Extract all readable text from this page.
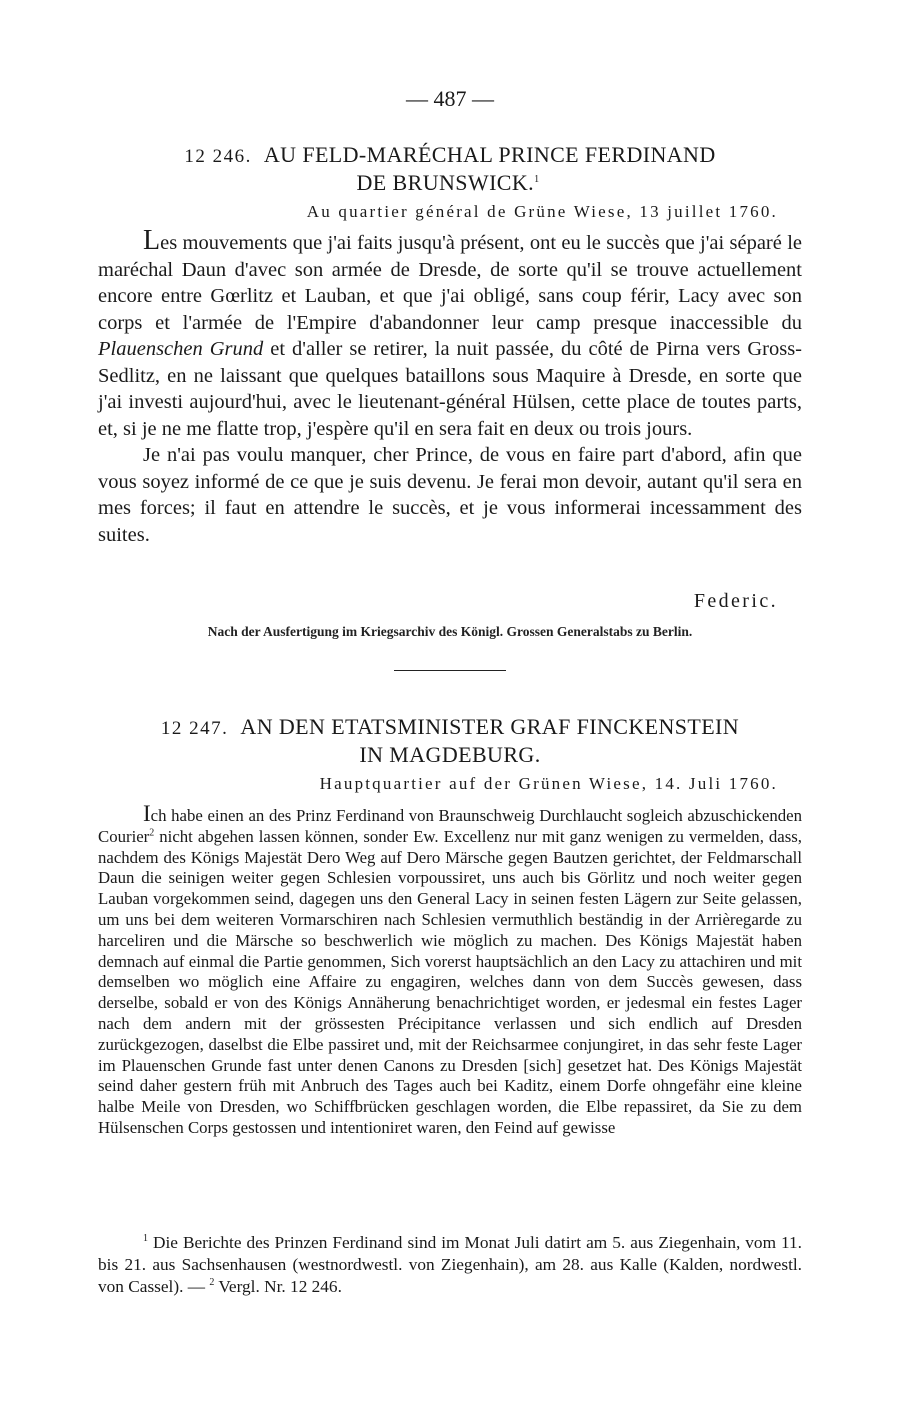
— 487 —
12 246. AU FELD-MARÉCHAL PRINCE FERDINAND
DE BRUNSWICK.$^1$
Au quartier général de Grüne Wiese, 13 juillet 1760.

Les mouvements que j'ai faits jusqu'à présent, ont eu le succès que j'ai séparé le maréchal Daun d'avec son armée de Dresde, de sorte qu'il se trouve actuellement encore entre Gœrlitz et Lauban, et que j'ai obligé, sans coup férir, Lacy avec son corps et l'armée de l'Empire d'abandonner leur camp presque inaccessible du Plauenschen Grund et d'aller se retirer, la nuit passée, du côté de Pirna vers Gross-Sedlitz, en ne laissant que quelques bataillons sous Maquire à Dresde, en sorte que j'ai investi aujourd'hui, avec le lieutenant-général Hülsen, cette place de toutes parts, et, si je ne me flatte trop, j'espère qu'il en sera fait en deux ou trois jours.

Je n'ai pas voulu manquer, cher Prince, de vous en faire part d'abord, afin que vous soyez informé de ce que je suis devenu. Je ferai mon devoir, autant qu'il sera en mes forces; il faut en attendre le succès, et je vous informerai incessamment des suites.

Federic.
Nach der Ausfertigung im Kriegsarchiv des Königl. Grossen Generalstabs zu Berlin.
12 247. AN DEN ETATSMINISTER GRAF FINCKENSTEIN
IN MAGDEBURG.
Hauptquartier auf der Grünen Wiese, 14. Juli 1760.

Ich habe einen an des Prinz Ferdinand von Braunschweig Durchlaucht sogleich abzuschickenden Courier$^2$ nicht abgehen lassen können, sonder Ew. Excellenz nur mit ganz wenigen zu vermelden, dass, nachdem des Königs Majestät Dero Weg auf Dero Märsche gegen Bautzen gerichtet, der Feldmarschall Daun die seinigen weiter gegen Schlesien vorpoussiret, uns auch bis Görlitz und noch weiter gegen Lauban vorgekommen seind, dagegen uns den General Lacy in seinen festen Lägern zur Seite gelassen, um uns bei dem weiteren Vormarschiren nach Schlesien vermuthlich beständig in der Arrièregarde zu harceliren und die Märsche so beschwerlich wie möglich zu machen. Des Königs Majestät haben demnach auf einmal die Partie genommen, Sich vorerst hauptsächlich an den Lacy zu attachiren und mit demselben wo möglich eine Affaire zu engagiren, welches dann von dem Succès gewesen, dass derselbe, sobald er von des Königs Annäherung benachrichtiget worden, er jedesmal ein festes Lager nach dem andern mit der grössesten Précipitance verlassen und sich endlich auf Dresden zurückgezogen, daselbst die Elbe passiret und, mit der Reichsarmee conjungiret, in das sehr feste Lager im Plauenschen Grunde fast unter denen Canons zu Dresden [sich] gesetzet hat. Des Königs Majestät seind daher gestern früh mit Anbruch des Tages auch bei Kaditz, einem Dorfe ohngefähr eine kleine halbe Meile von Dresden, wo Schiffbrücken geschlagen worden, die Elbe repassiret, da Sie zu dem Hülsenschen Corps gestossen und intentioniret waren, den Feind auf gewisse

$^1$ Die Berichte des Prinzen Ferdinand sind im Monat Juli datirt am 5. aus Ziegenhain, vom 11. bis 21. aus Sachsenhausen (westnordwestl. von Ziegenhain), am 28. aus Kalle (Kalden, nordwestl. von Cassel). — $^2$ Vergl. Nr. 12 246.
